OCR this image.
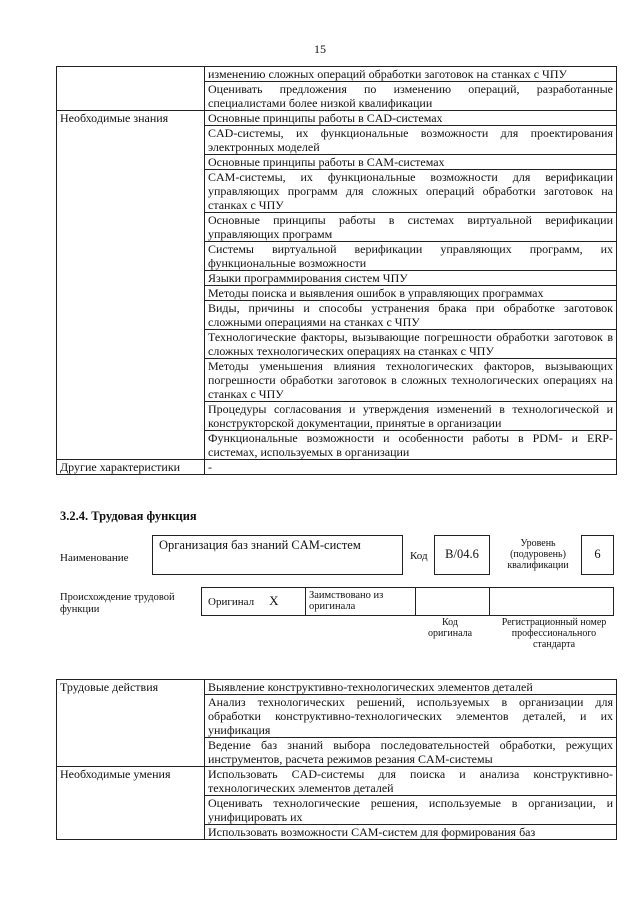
15
	изменению сложных операций обработки заготовок на станках с ЧПУ
	Оценивать предложения по изменению операций, разработанные специалистами более низкой квалификации
Необходимые знания	Основные принципы работы в CAD-системах
	CAD-системы, их функциональные возможности для проектирования электронных моделей
	Основные принципы работы в CAM-системах
	CAM-системы, их функциональные возможности для верификации управляющих программ для сложных операций обработки заготовок на станках с ЧПУ
	Основные принципы работы в системах виртуальной верификации управляющих программ
	Системы виртуальной верификации управляющих программ, их функциональные возможности
	Языки программирования систем ЧПУ
	Методы поиска и выявления ошибок в управляющих программах
	Виды, причины и способы устранения брака при обработке заготовок сложными операциями на станках с ЧПУ
	Технологические факторы, вызывающие погрешности обработки заготовок в сложных технологических операциях на станках с ЧПУ
	Методы уменьшения влияния технологических факторов, вызывающих погрешности обработки заготовок в сложных технологических операциях на станках с ЧПУ
	Процедуры согласования и утверждения изменений в технологической и конструкторской документации, принятые в организации
	Функциональные возможности и особенности работы в PDM- и ERP-системах, используемых в организации
Другие характеристики	-
3.2.4. Трудовая функция
Наименование
Организация баз знаний CAM-систем
Код	B/04.6
Уровень (подуровень) квалификации
6
Происхождение трудовой функции
Оригинал X	Заимствовано из оригинала		
Код оригинала
Регистрационный номер профессионального стандарта
Трудовые действия	Выявление конструктивно-технологических элементов деталей
	Анализ технологических решений, используемых в организации для обработки конструктивно-технологических элементов деталей, и их унификация
	Ведение баз знаний выбора последовательностей обработки, режущих инструментов, расчета режимов резания CAM-системы
Необходимые умения	Использовать CAD-системы для поиска и анализа конструктивно-технологических элементов деталей
	Оценивать технологические решения, используемые в организации, и унифицировать их
	Использовать возможности CAM-систем для формирования баз
